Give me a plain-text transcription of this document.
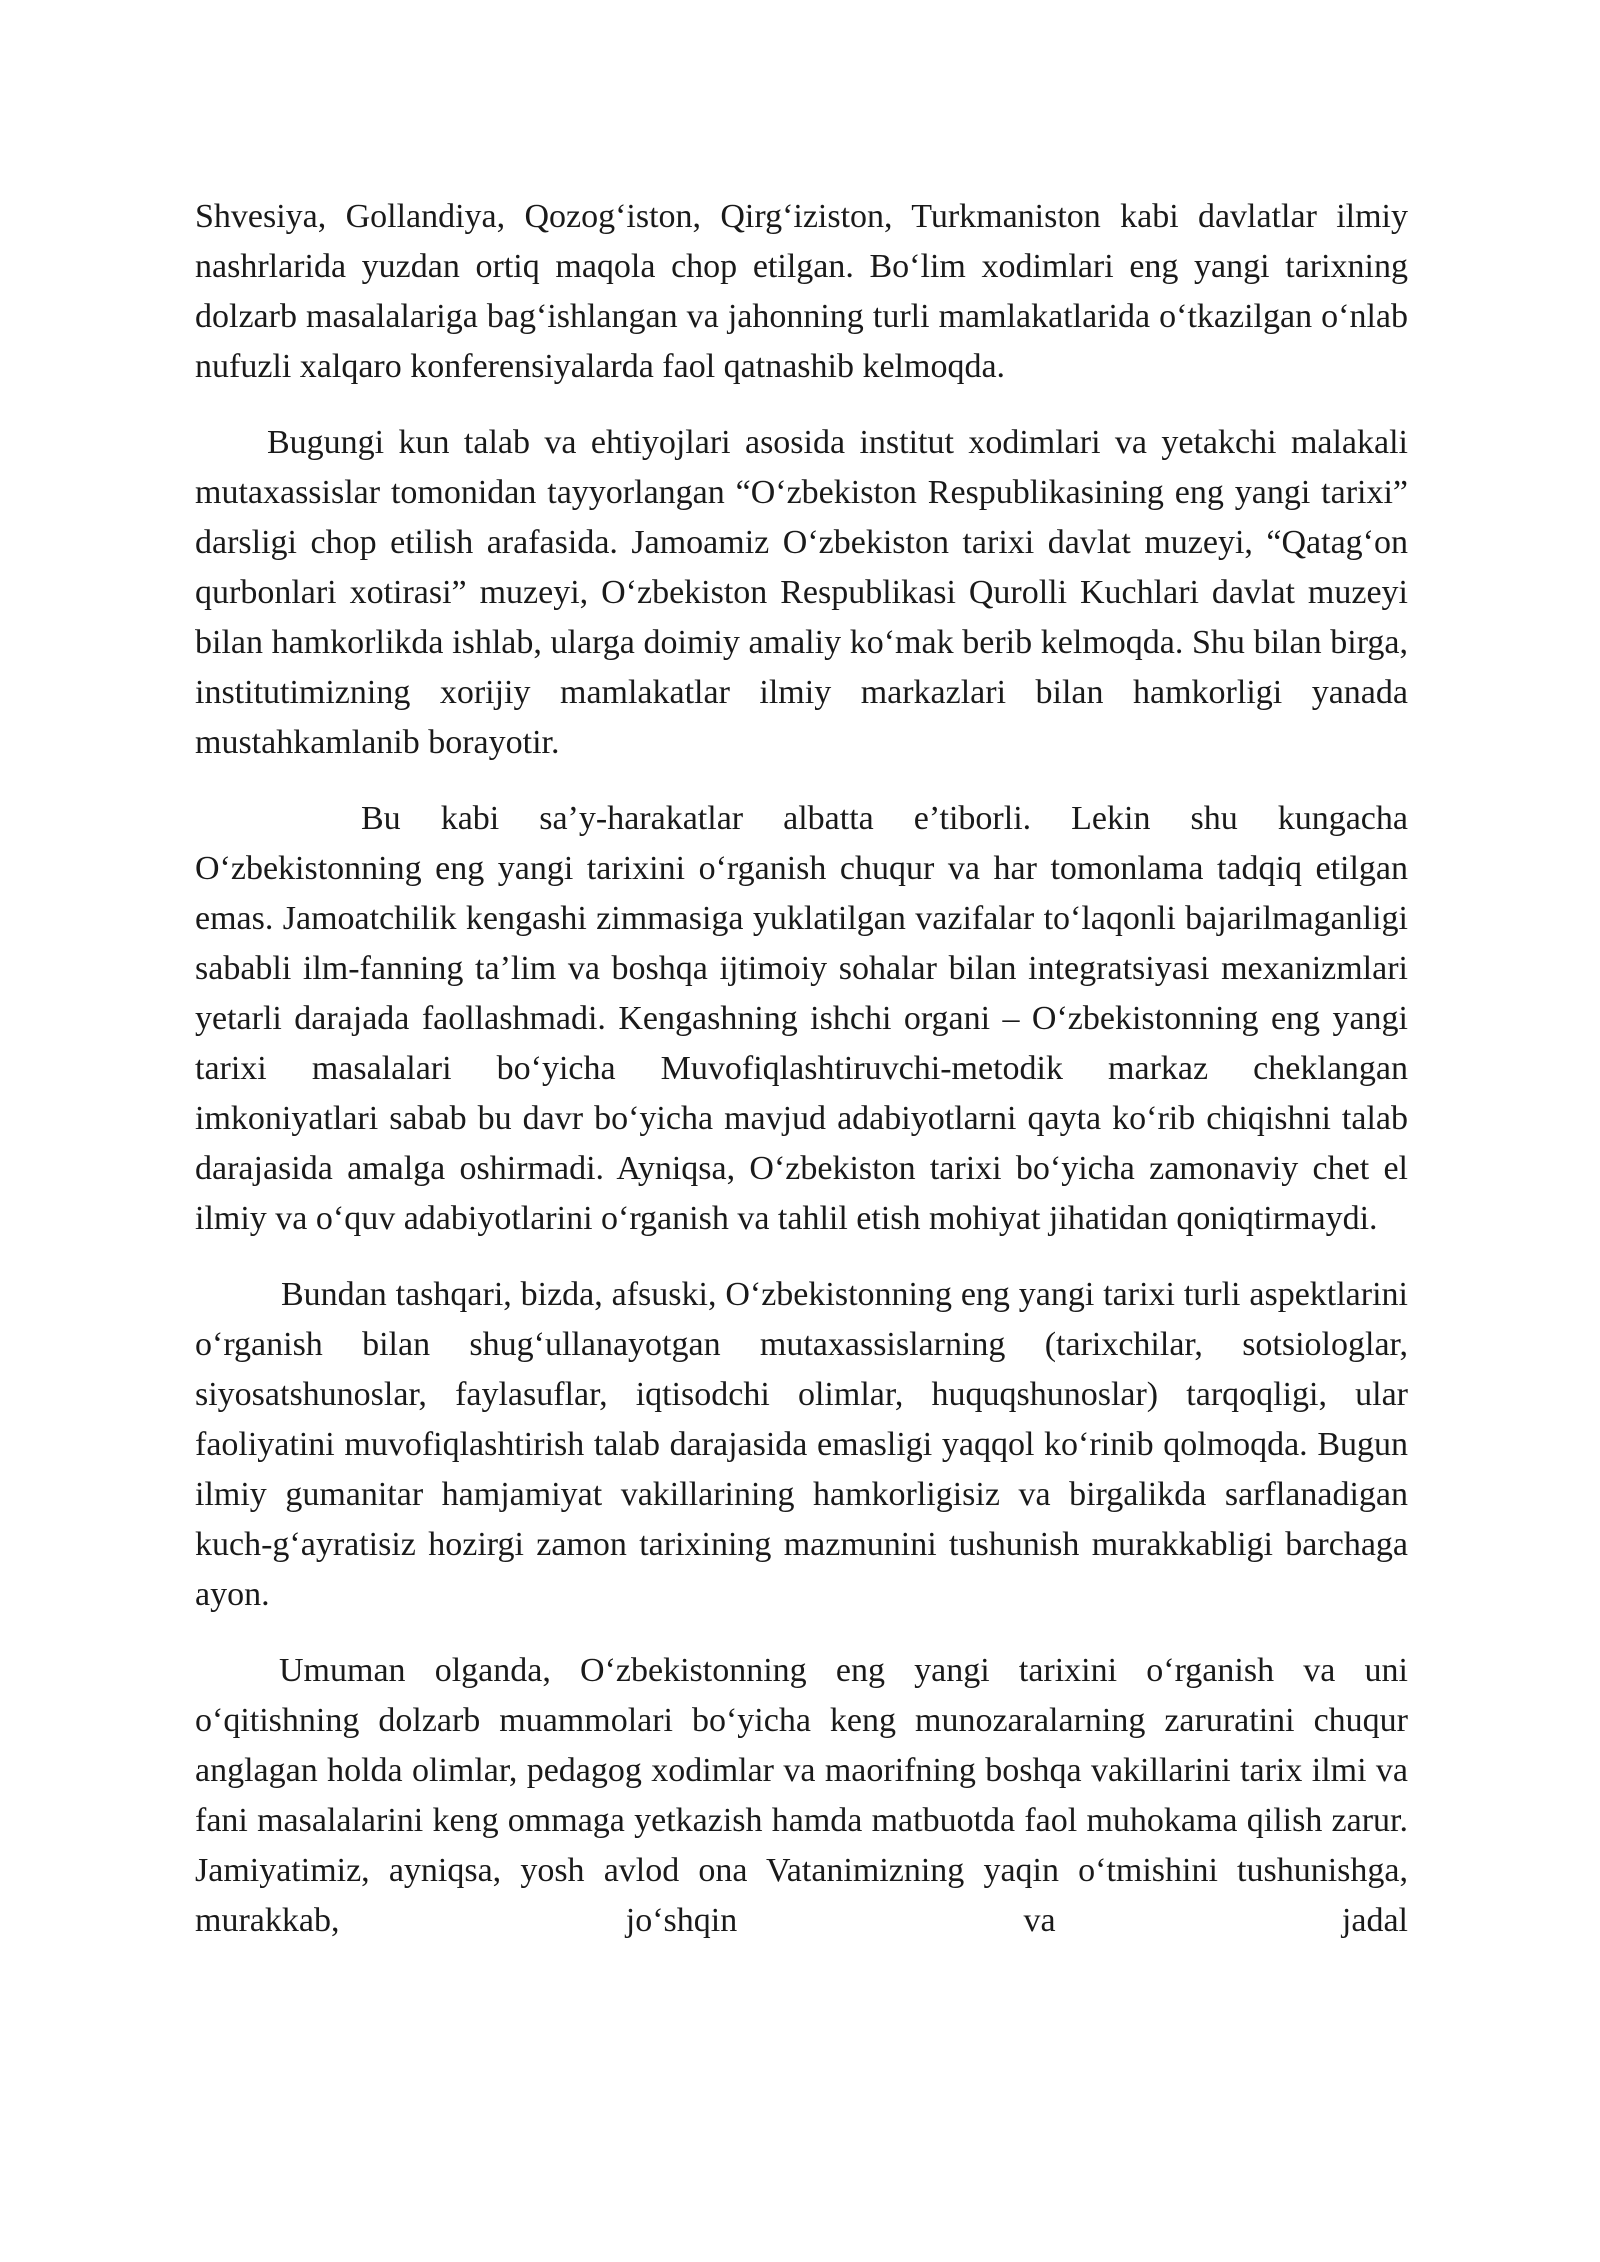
Shvesiya, Gollandiya, Qozog‘iston, Qirg‘iziston, Turkmaniston kabi davlatlar ilmiy nashrlarida yuzdan ortiq maqola chop etilgan. Bo‘lim xodimlari eng yangi tarixning dolzarb masalalariga bag‘ishlangan va jahonning turli mamlakatlarida o‘tkazilgan o‘nlab nufuzli xalqaro konferensiyalarda faol qatnashib kelmoqda.

Bugungi kun talab va ehtiyojlari asosida institut xodimlari va yetakchi malakali mutaxassislar tomonidan tayyorlangan “O‘zbekiston Respublikasining eng yangi tarixi” darsligi chop etilish arafasida. Jamoamiz O‘zbekiston tarixi davlat muzeyi, “Qatag‘on qurbonlari xotirasi” muzeyi, O‘zbekiston Respublikasi Qurolli Kuchlari davlat muzeyi bilan hamkorlikda ishlab, ularga doimiy amaliy ko‘mak berib kelmoqda. Shu bilan birga, institutimizning xorijiy mamlakatlar ilmiy markazlari bilan hamkorligi yanada mustahkamlanib borayotir.

Bu kabi sa’y-harakatlar albatta e’tiborli. Lekin shu kungacha O‘zbekistonning eng yangi tarixini o‘rganish chuqur va har tomonlama tadqiq etilgan emas. Jamoatchilik kengashi zimmasiga yuklatilgan vazifalar to‘laqonli bajarilmaganligi sababli ilm-fanning ta’lim va boshqa ijtimoiy sohalar bilan integratsiyasi mexanizmlari yetarli darajada faollashmadi. Kengashning ishchi organi – O‘zbekistonning eng yangi tarixi masalalari bo‘yicha Muvofiqlashtiruvchi-metodik markaz cheklangan imkoniyatlari sabab bu davr bo‘yicha mavjud adabiyotlarni qayta ko‘rib chiqishni talab darajasida amalga oshirmadi. Ayniqsa, O‘zbekiston tarixi bo‘yicha zamonaviy chet el ilmiy va o‘quv adabiyotlarini o‘rganish va tahlil etish mohiyat jihatidan qoniqtirmaydi.

Bundan tashqari, bizda, afsuski, O‘zbekistonning eng yangi tarixi turli aspektlarini o‘rganish bilan shug‘ullanayotgan mutaxassislarning (tarixchilar, sotsiologlar, siyosatshunoslar, faylasuflar, iqtisodchi olimlar, huquqshunoslar) tarqoqligi, ular faoliyatini muvofiqlashtirish talab darajasida emasligi yaqqol ko‘rinib qolmoqda. Bugun ilmiy gumanitar hamjamiyat vakillarining hamkorligisiz va birgalikda sarflanadigan kuch-g‘ayratisiz hozirgi zamon tarixining mazmunini tushunish murakkabligi barchaga ayon.

Umuman olganda, O‘zbekistonning eng yangi tarixini o‘rganish va uni o‘qitishning dolzarb muammolari bo‘yicha keng munozaralarning zaruratini chuqur anglagan holda olimlar, pedagog xodimlar va maorifning boshqa vakillarini tarix ilmi va fani masalalarini keng ommaga yetkazish hamda matbuotda faol muhokama qilish zarur. Jamiyatimiz, ayniqsa, yosh avlod ona Vatanimizning yaqin o‘tmishini tushunishga, murakkab, jo‘shqin va jadal
